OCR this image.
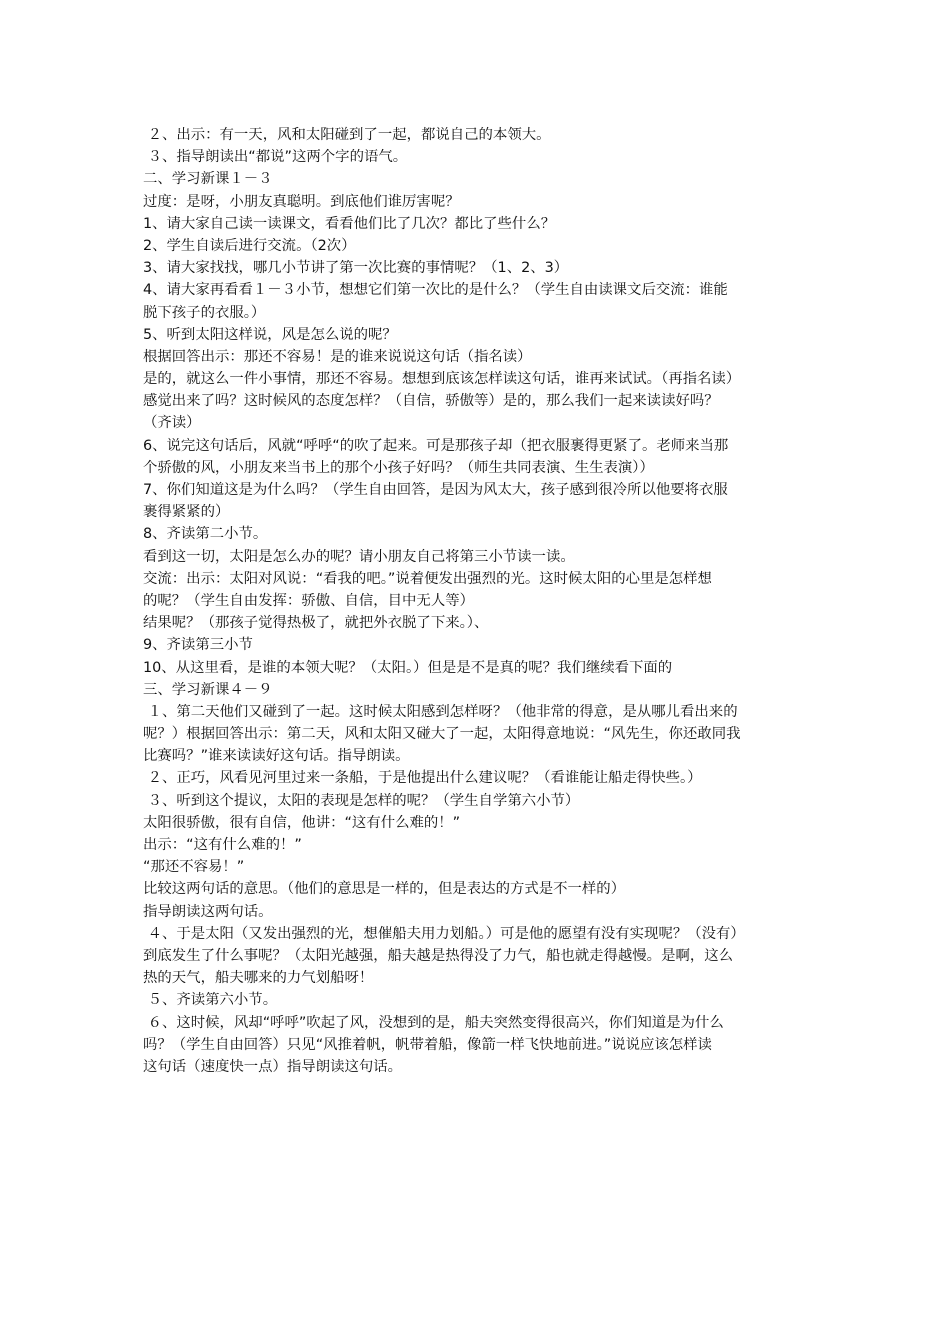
２、出示：有一天，风和太阳碰到了一起，都说自己的本领大。
３、指导朗读出“都说”这两个字的语气。
二、学习新课１－３
过度：是呀，小朋友真聪明。到底他们谁厉害呢？
1、请大家自己读一读课文，看看他们比了几次？都比了些什么？
2、学生自读后进行交流。（2次）
3、请大家找找，哪几小节讲了第一次比赛的事情呢？（1、2、3）
4、请大家再看看１－３小节，想想它们第一次比的是什么？（学生自由读课文后交流：谁能
脱下孩子的衣服。）
5、听到太阳这样说，风是怎么说的呢？
根据回答出示：那还不容易！是的谁来说说这句话（指名读）
是的，就这么一件小事情，那还不容易。想想到底该怎样读这句话，谁再来试试。（再指名读）
感觉出来了吗？这时候风的态度怎样？（自信，骄傲等）是的，那么我们一起来读读好吗？
（齐读）
6、说完这句话后，风就“呼呼“的吹了起来。可是那孩子却（把衣服裹得更紧了。老师来当那
个骄傲的风，小朋友来当书上的那个小孩子好吗？（师生共同表演、生生表演））
7、你们知道这是为什么吗？（学生自由回答，是因为风太大，孩子感到很冷所以他要将衣服
裹得紧紧的）
8、齐读第二小节。
看到这一切，太阳是怎么办的呢？请小朋友自己将第三小节读一读。
交流：出示：太阳对风说：“看我的吧。”说着便发出强烈的光。这时候太阳的心里是怎样想
的呢？（学生自由发挥：骄傲、自信，目中无人等）
结果呢？（那孩子觉得热极了，就把外衣脱了下来。）、
9、齐读第三小节
10、从这里看，是谁的本领大呢？（太阳。）但是是不是真的呢？我们继续看下面的
三、学习新课４－９
１、第二天他们又碰到了一起。这时候太阳感到怎样呀？（他非常的得意，是从哪儿看出来的
呢？）根据回答出示：第二天，风和太阳又碰大了一起，太阳得意地说：“风先生，你还敢同我
比赛吗？”谁来读读好这句话。指导朗读。
２、正巧，风看见河里过来一条船，于是他提出什么建议呢？（看谁能让船走得快些。）
３、听到这个提议，太阳的表现是怎样的呢？（学生自学第六小节）
太阳很骄傲，很有自信，他讲：“这有什么难的！”
出示：“这有什么难的！”
“那还不容易！”
比较这两句话的意思。（他们的意思是一样的，但是表达的方式是不一样的）
指导朗读这两句话。
４、于是太阳（又发出强烈的光，想催船夫用力划船。）可是他的愿望有没有实现呢？（没有）
到底发生了什么事呢？（太阳光越强，船夫越是热得没了力气，船也就走得越慢。是啊，这么
热的天气，船夫哪来的力气划船呀！
５、齐读第六小节。
６、这时候，风却“呼呼”吹起了风，没想到的是，船夫突然变得很高兴，你们知道是为什么
吗？（学生自由回答）只见“风推着帆，帆带着船，像箭一样飞快地前进。”说说应该怎样读
这句话（速度快一点）指导朗读这句话。
